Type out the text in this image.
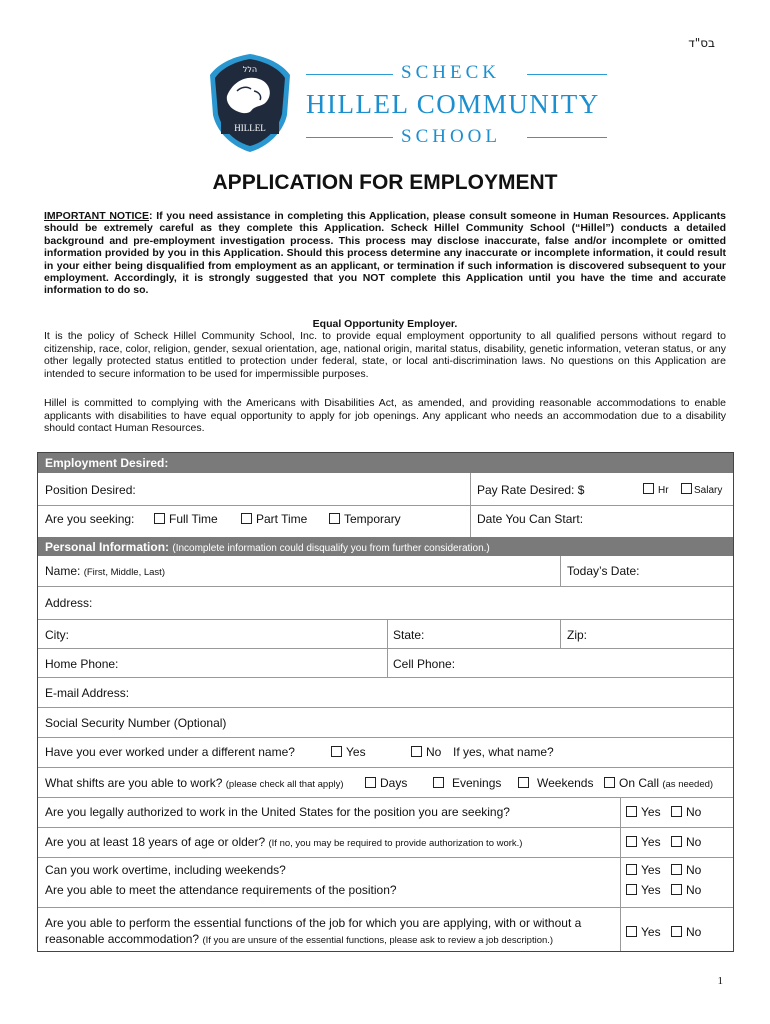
בס"ד
הלל
HILLEL
SCHECK
HILLEL COMMUNITY
SCHOOL
APPLICATION FOR EMPLOYMENT
IMPORTANT NOTICE: If you need assistance in completing this Application, please consult someone in Human Resources. Applicants should be extremely careful as they complete this Application. Scheck Hillel Community School (“Hillel”) conducts a detailed background and pre-employment investigation process. This process may disclose inaccurate, false and/or incomplete or omitted information provided by you in this Application. Should this process determine any inaccurate or incomplete information, it could result in your either being disqualified from employment as an applicant, or termination if such information is discovered subsequent to your employment. Accordingly, it is strongly suggested that you NOT complete this Application until you have the time and accurate information to do so.
Equal Opportunity Employer.
It is the policy of Scheck Hillel Community School, Inc. to provide equal employment opportunity to all qualified persons without regard to citizenship, race, color, religion, gender, sexual orientation, age, national origin, marital status, disability, genetic information, veteran status, or any other legally protected status entitled to protection under federal, state, or local anti-discrimination laws. No questions on this Application are intended to secure information to be used for impermissible purposes.
Hillel is committed to complying with the Americans with Disabilities Act, as amended, and providing reasonable accommodations to enable applicants with disabilities to have equal opportunity to apply for job openings. Any applicant who needs an accommodation due to a disability should contact Human Resources.
Employment Desired:
Position Desired:	Pay Rate Desired: $	Hr	Salary
Are you seeking:	Full Time	Part Time	Temporary	Date You Can Start:
Personal Information: (Incomplete information could disqualify you from further consideration.)
Name: (First, Middle, Last)	Today’s Date:
Address:
City:	State:	Zip:
Home Phone:	Cell Phone:
E-mail Address:
Social Security Number (Optional)
Have you ever worked under a different name?	Yes	No If yes, what name?
What shifts are you able to work? (please check all that apply)	Days	Evenings	Weekends	On Call (as needed)
Are you legally authorized to work in the United States for the position you are seeking?	Yes	No
Are you at least 18 years of age or older? (If no, you may be required to provide authorization to work.)	Yes	No
Can you work overtime, including weekends?	Yes	No
Are you able to meet the attendance requirements of the position?	Yes	No
Are you able to perform the essential functions of the job for which you are applying, with or without a
reasonable accommodation? (If you are unsure of the essential functions, please ask to review a job description.)
Yes	No
1
